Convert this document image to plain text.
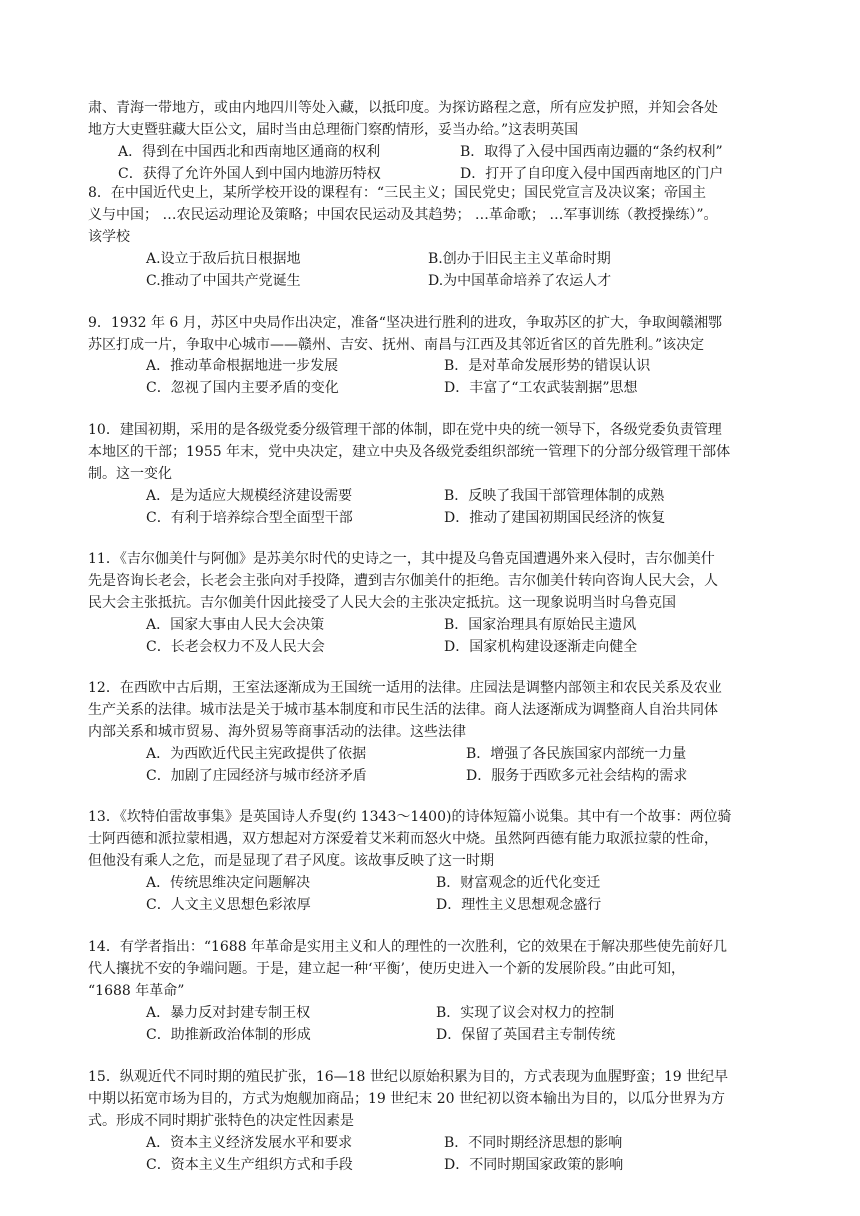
肃、青海一带地方，或由内地四川等处入藏，以抵印度。为探访路程之意，所有应发护照，并知会各处
地方大吏暨驻藏大臣公文，届时当由总理衙门察酌情形，妥当办给。”这表明英国
A．得到在中国西北和西南地区通商的权利	B．取得了入侵中国西南边疆的“条约权利”
C．获得了允许外国人到中国内地游历特权	D．打开了自印度入侵中国西南地区的门户
8．在中国近代史上，某所学校开设的课程有：“三民主义；国民党史；国民党宣言及决议案；帝国主
义与中国； …农民运动理论及策略；中国农民运动及其趋势； …革命歌； …军事训练（教授操练）”。
该学校
A.设立于敌后抗日根据地	B.创办于旧民主主义革命时期
C.推动了中国共产党诞生	D.为中国革命培养了农运人才
9．1932 年 6 月，苏区中央局作出决定，准备“坚决进行胜利的进攻，争取苏区的扩大，争取闽赣湘鄂
苏区打成一片，争取中心城市——赣州、吉安、抚州、南昌与江西及其邻近省区的首先胜利。”该决定
A．推动革命根据地进一步发展	B．是对革命发展形势的错误认识
C．忽视了国内主要矛盾的变化	D．丰富了“工农武装割据”思想
10．建国初期，采用的是各级党委分级管理干部的体制，即在党中央的统一领导下，各级党委负责管理
本地区的干部；1955 年末，党中央决定，建立中央及各级党委组织部统一管理下的分部分级管理干部体
制。这一变化
A．是为适应大规模经济建设需要	B．反映了我国干部管理体制的成熟
C．有利于培养综合型全面型干部	D．推动了建国初期国民经济的恢复
11．《吉尔伽美什与阿伽》是苏美尔时代的史诗之一，其中提及乌鲁克国遭遇外来入侵时，吉尔伽美什
先是咨询长老会，长老会主张向对手投降，遭到吉尔伽美什的拒绝。吉尔伽美什转向咨询人民大会，人
民大会主张抵抗。吉尔伽美什因此接受了人民大会的主张决定抵抗。这一现象说明当时乌鲁克国
A．国家大事由人民大会决策	B．国家治理具有原始民主遗风
C．长老会权力不及人民大会	D．国家机构建设逐渐走向健全
12．在西欧中古后期，王室法逐渐成为王国统一适用的法律。庄园法是调整内部领主和农民关系及农业
生产关系的法律。城市法是关于城市基本制度和市民生活的法律。商人法逐渐成为调整商人自治共同体
内部关系和城市贸易、海外贸易等商事活动的法律。这些法律
A．为西欧近代民主宪政提供了依据	B．增强了各民族国家内部统一力量
C．加剧了庄园经济与城市经济矛盾	D．服务于西欧多元社会结构的需求
13．《坎特伯雷故事集》是英国诗人乔叟(约 1343～1400)的诗体短篇小说集。其中有一个故事：两位骑
士阿西德和派拉蒙相遇，双方想起对方深爱着艾米莉而怒火中烧。虽然阿西德有能力取派拉蒙的性命，
但他没有乘人之危，而是显现了君子风度。该故事反映了这一时期
A．传统思维决定问题解决	B．财富观念的近代化变迁
C．人文主义思想色彩浓厚	D．理性主义思想观念盛行
14．有学者指出：“1688 年革命是实用主义和人的理性的一次胜利，它的效果在于解决那些使先前好几
代人攘扰不安的争端问题。于是，建立起一种‘平衡’，使历史进入一个新的发展阶段。”由此可知，
“1688 年革命”
A．暴力反对封建专制王权	B．实现了议会对权力的控制
C．助推新政治体制的形成	D．保留了英国君主专制传统
15．纵观近代不同时期的殖民扩张，16—18 世纪以原始积累为目的，方式表现为血腥野蛮；19 世纪早
中期以拓宽市场为目的，方式为炮舰加商品；19 世纪末 20 世纪初以资本输出为目的，以瓜分世界为方
式。形成不同时期扩张特色的决定性因素是
A．资本主义经济发展水平和要求	B．不同时期经济思想的影响
C．资本主义生产组织方式和手段	D．不同时期国家政策的影响
